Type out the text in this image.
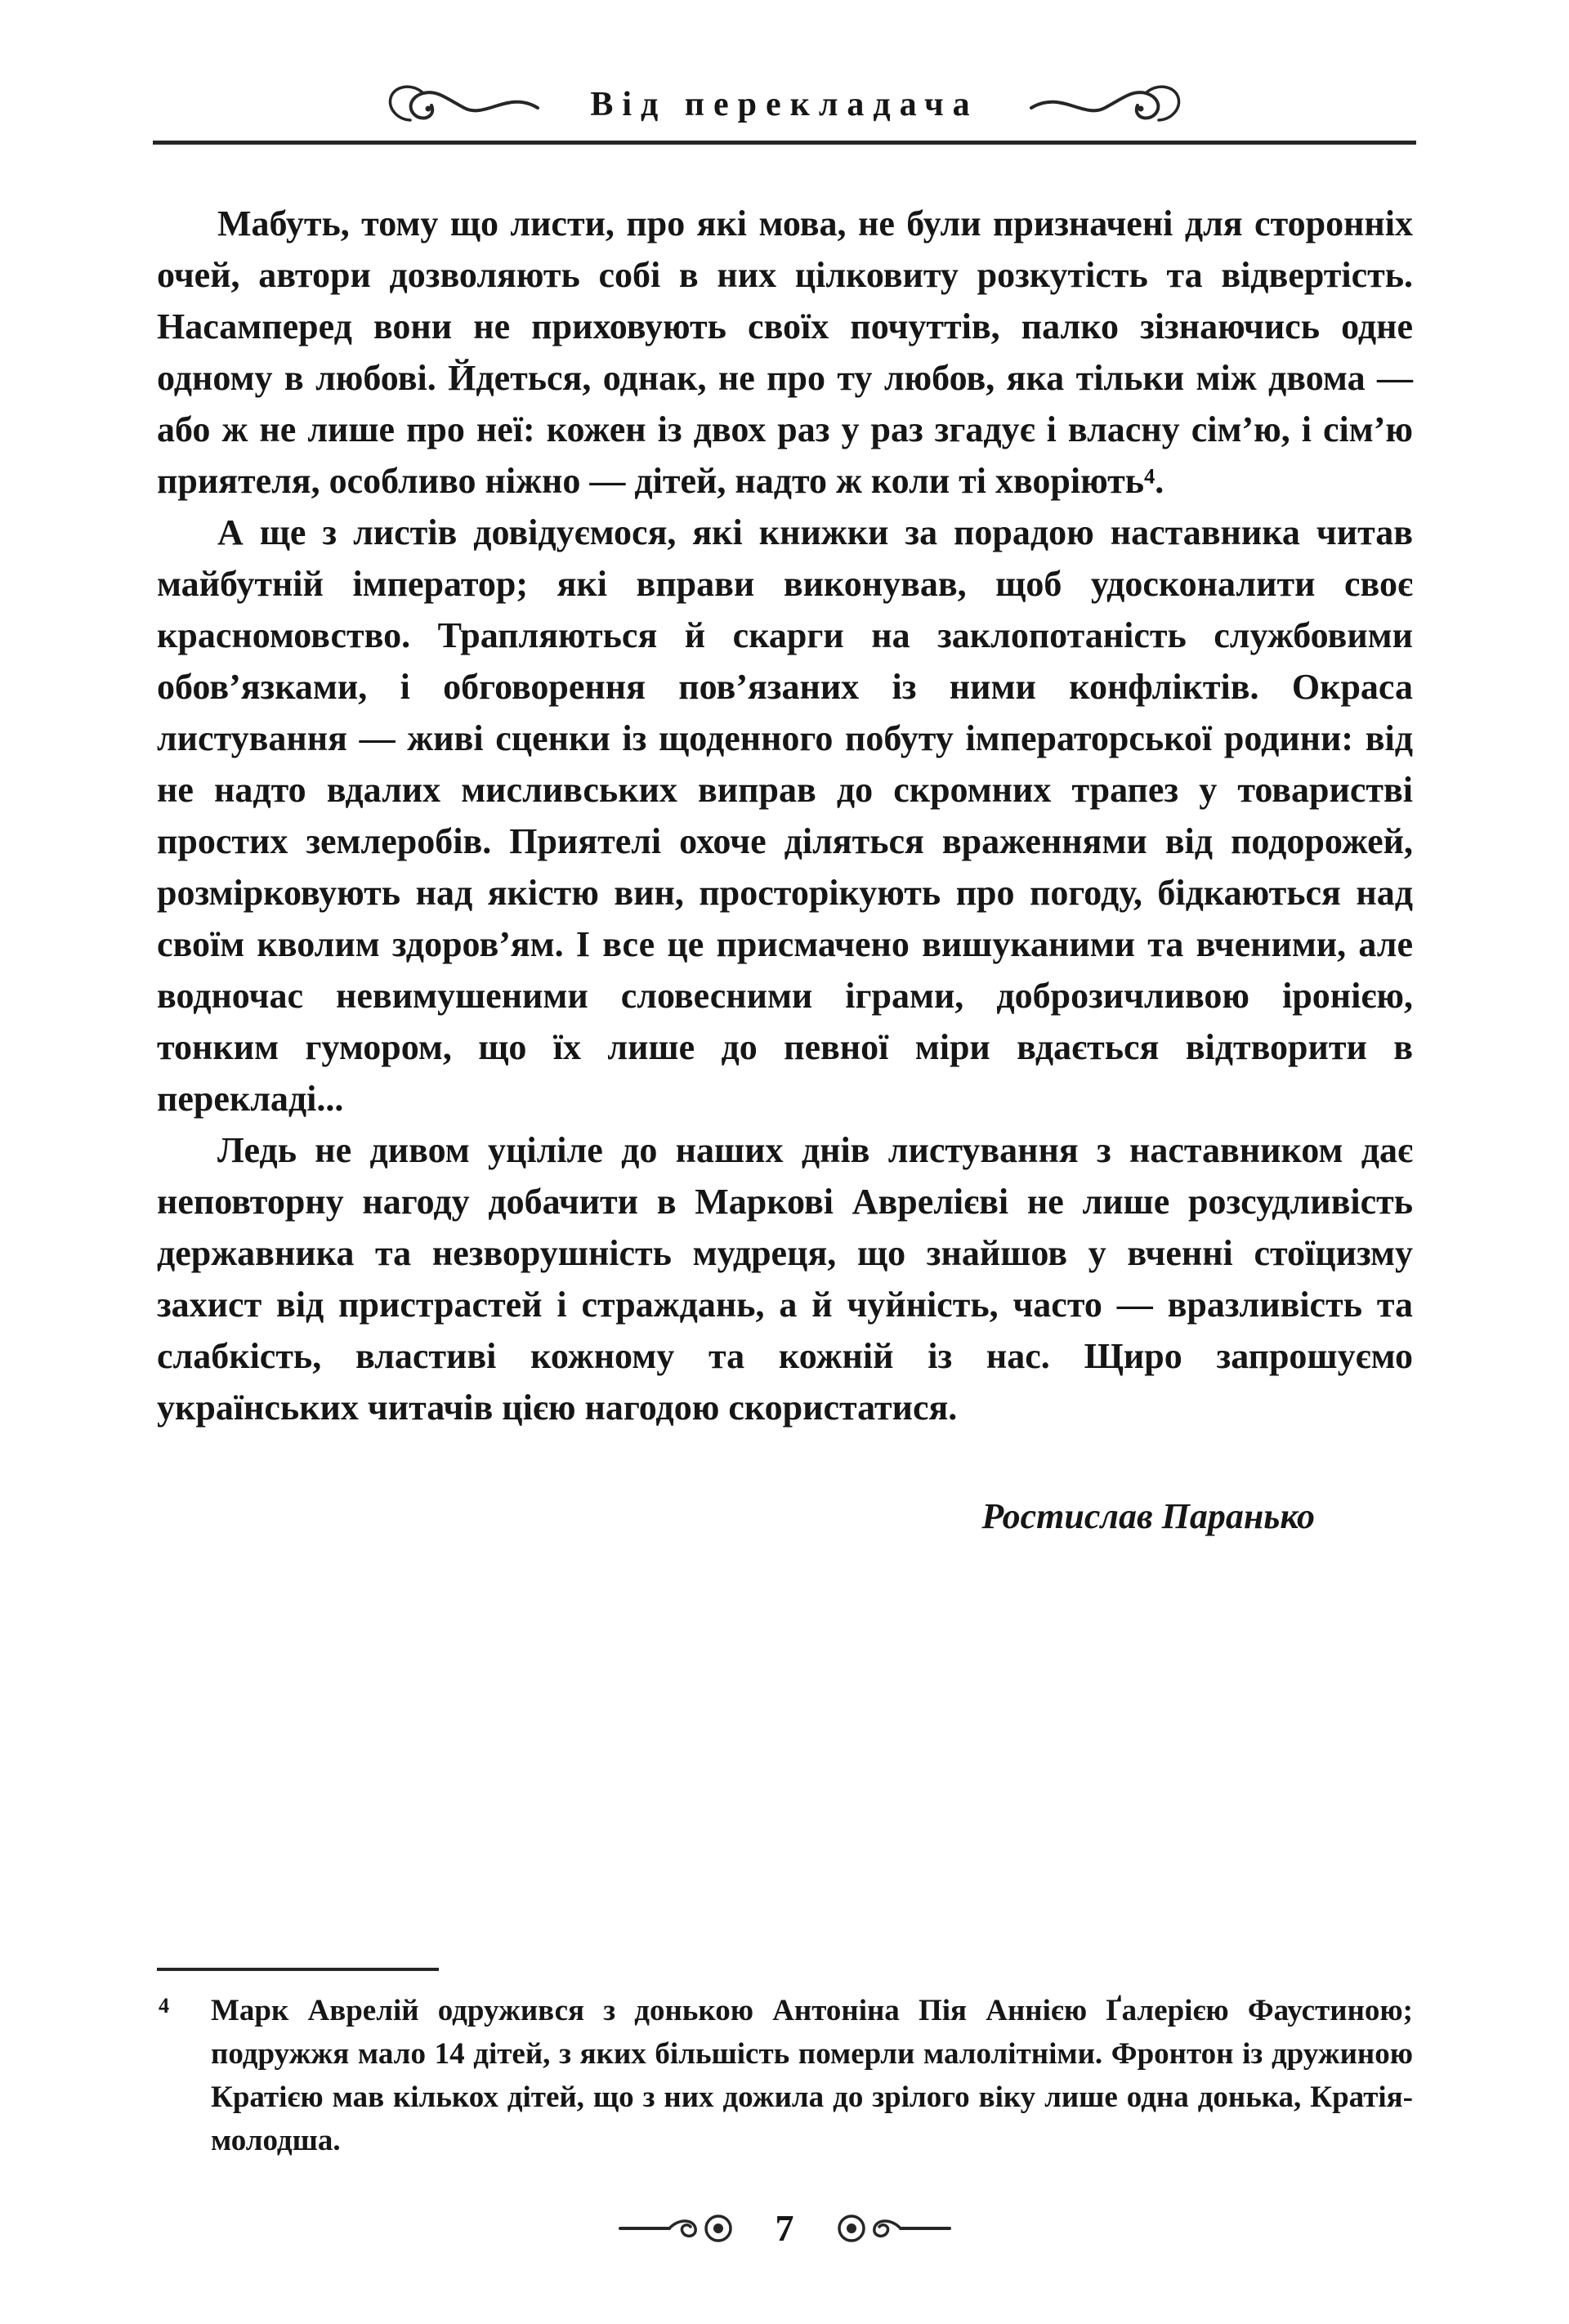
Від перекладача

Мабуть, тому що листи, про які мова, не були призначені для сторонніх очей, автори дозволяють собі в них цілковиту розкутість та відвертість. Насамперед вони не приховують своїх почуттів, палко зізнаючись одне одному в любові. Йдеться, однак, не про ту любов, яка тільки між двома — або ж не лише про неї: кожен із двох раз у раз згадує і власну сім’ю, і сім’ю приятеля, особливо ніжно — дітей, надто ж коли ті хворіють⁴.

А ще з листів довідуємося, які книжки за порадою наставника читав майбутній імператор; які вправи виконував, щоб удосконалити своє красномовство. Трапляються й скарги на заклопотаність службовими обов’язками, і обговорення пов’язаних із ними конфліктів. Окраса листування — живі сценки із щоденного побуту імператорської родини: від не надто вдалих мисливських виправ до скромних трапез у товаристві простих землеробів. Приятелі охоче діляться враженнями від подорожей, розмірковують над якістю вин, просторікують про погоду, бідкаються над своїм кволим здоров’ям. І все це присмачено вишуканими та вченими, але водночас невимушеними словесними іграми, доброзичливою іронією, тонким гумором, що їх лише до певної міри вдається відтворити в перекладі...

Ледь не дивом уціліле до наших днів листування з наставником дає неповторну нагоду добачити в Маркові Аврелієві не лише розсудливість державника та незворушність мудреця, що знайшов у вченні стоїцизму захист від пристрастей і страждань, а й чуйність, часто — вразливість та слабкість, властиві кожному та кожній із нас. Щиро запрошуємо українських читачів цією нагодою скористатися.

Ростислав Паранько
4 Марк Аврелій одружився з донькою Антоніна Пія Аннією Ґалерією Фаустиною; подружжя мало 14 дітей, з яких більшість померли малолітніми. Фронтон із дружиною Кратією мав кількох дітей, що з них дожила до зрілого віку лише одна донька, Кратія-молодша.
7
